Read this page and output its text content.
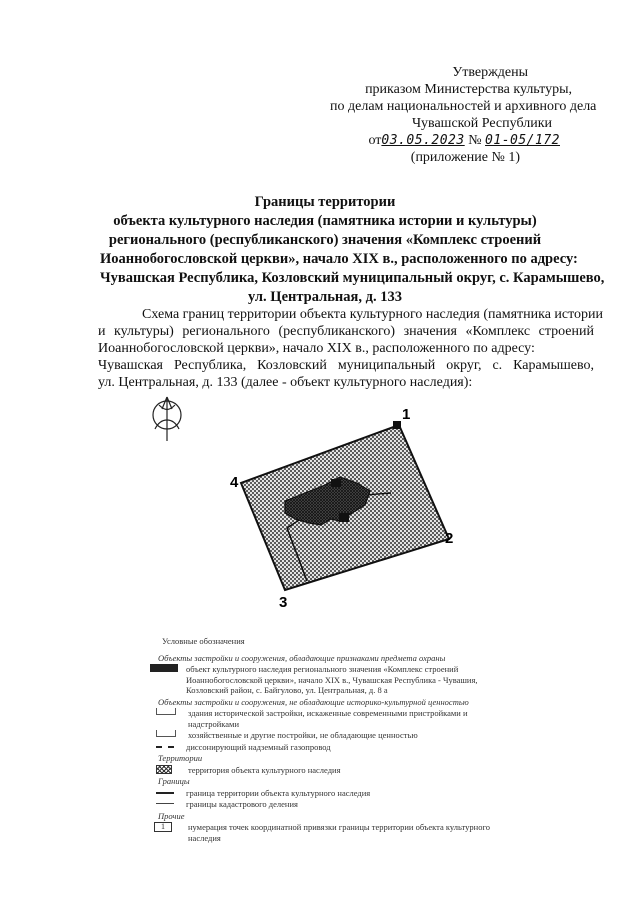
Утверждены
приказом Министерства культуры,
по делам национальностей и архивного дела
Чувашской Республики
от03.05.2023 № 01-05/172
(приложение № 1)
Границы территории
объекта культурного наследия (памятника истории и культуры)
регионального (республиканского) значения «Комплекс строений
Иоаннобогословской церкви», начало XIX в., расположенного по адресу:
Чувашская Республика, Козловский муниципальный округ, с. Карамышево,
ул. Центральная, д. 133
Схема границ территории объекта культурного наследия (памятника истории
и культуры) регионального (республиканского) значения «Комплекс строений
Иоаннобогословской церкви», начало XIX в., расположенного по адресу:
Чувашская Республика, Козловский муниципальный округ, с. Карамышево,
ул. Центральная, д. 133 (далее - объект культурного наследия):
1
2
3
4
Условные обозначения
Объекты застройки и сооружения, обладающие признаками предмета охраны
объект культурного наследия регионального значения «Комплекс строений Иоаннобогословской церкви», начало XIX в., Чувашская Республика - Чувашия, Козловский район, с. Байгулово, ул. Центральная, д. 8 а
Объекты застройки и сооружения, не обладающие историко-культурной ценностью
здания исторической застройки, искаженные современными пристройками и надстройками
хозяйственные и другие постройки, не обладающие ценностью
диссонирующий надземный газопровод
Территории
территория объекта культурного наследия
Границы
граница территории объекта культурного наследия
границы кадастрового деления
Прочие
1	нумерация точек координатной привязки границы территории объекта культурного наследия
